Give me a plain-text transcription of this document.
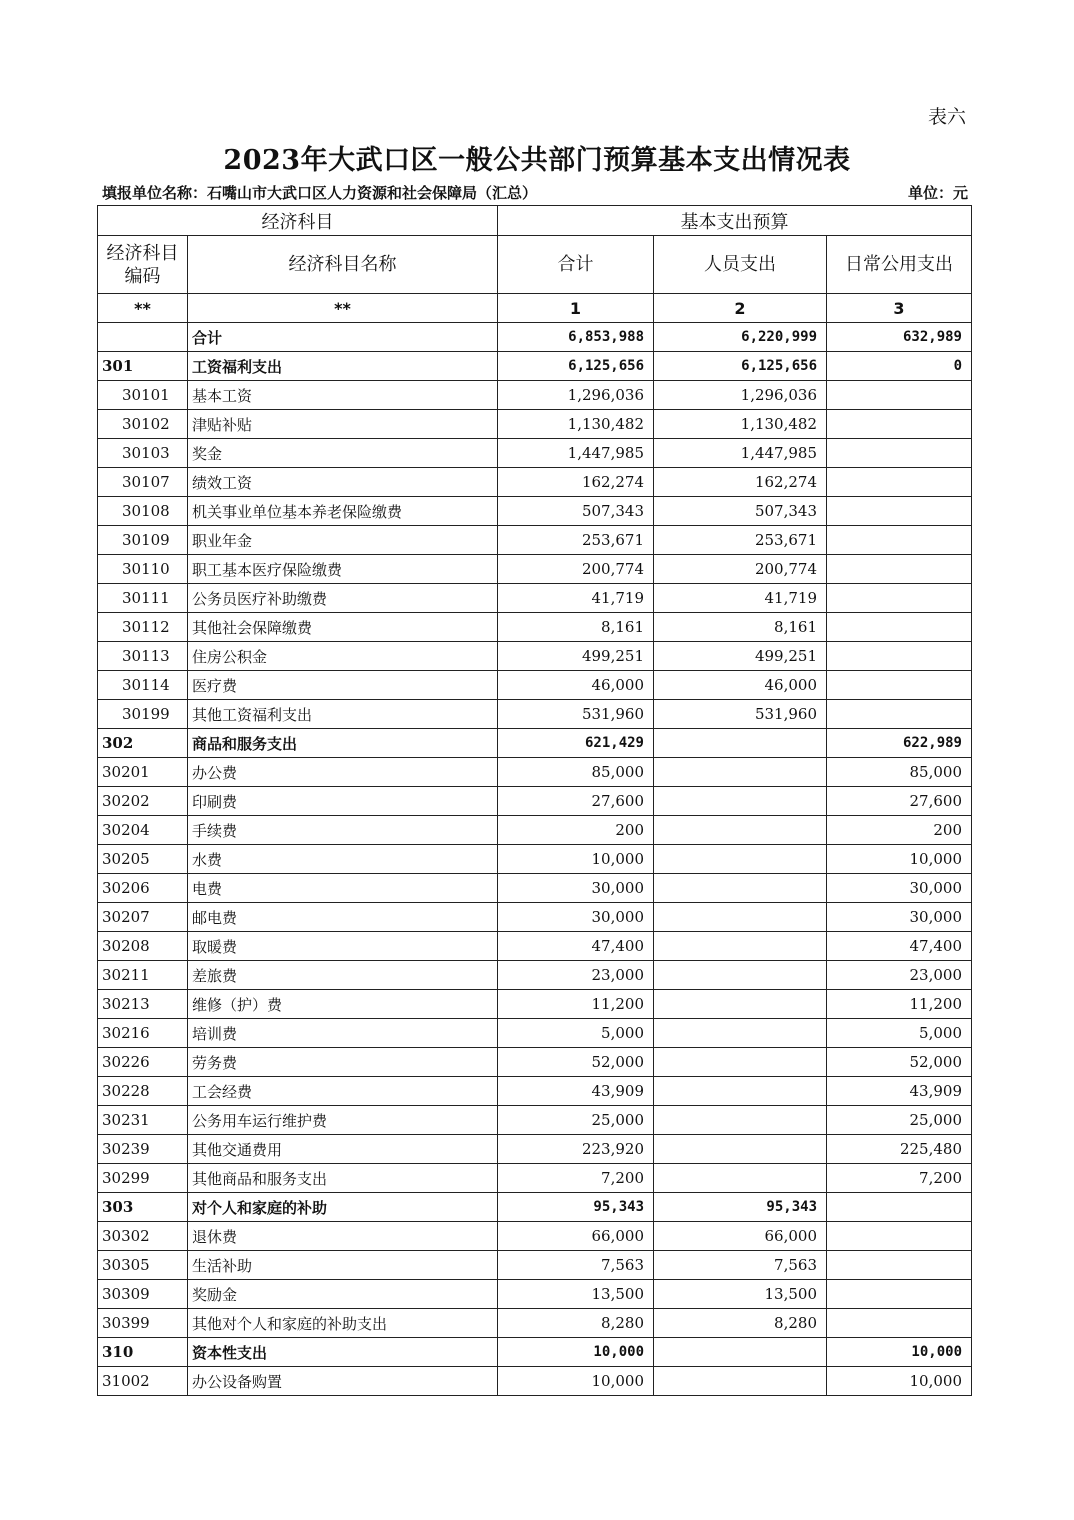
表六
2023年大武口区一般公共部门预算基本支出情况表
填报单位名称：石嘴山市大武口区人力资源和社会保障局（汇总）	单位：元
经济科目		基本支出预算		
经济科目编码	经济科目名称	合计	人员支出	日常公用支出
**	**	1	2	3
	合计	6,853,988	6,220,999	632,989
301	工资福利支出	6,125,656	6,125,656	0
30101	基本工资	1,296,036	1,296,036	
30102	津贴补贴	1,130,482	1,130,482	
30103	奖金	1,447,985	1,447,985	
30107	绩效工资	162,274	162,274	
30108	机关事业单位基本养老保险缴费	507,343	507,343	
30109	职业年金	253,671	253,671	
30110	职工基本医疗保险缴费	200,774	200,774	
30111	公务员医疗补助缴费	41,719	41,719	
30112	其他社会保障缴费	8,161	8,161	
30113	住房公积金	499,251	499,251	
30114	医疗费	46,000	46,000	
30199	其他工资福利支出	531,960	531,960	
302	商品和服务支出	621,429		622,989
30201	办公费	85,000		85,000
30202	印刷费	27,600		27,600
30204	手续费	200		200
30205	水费	10,000		10,000
30206	电费	30,000		30,000
30207	邮电费	30,000		30,000
30208	取暖费	47,400		47,400
30211	差旅费	23,000		23,000
30213	维修（护）费	11,200		11,200
30216	培训费	5,000		5,000
30226	劳务费	52,000		52,000
30228	工会经费	43,909		43,909
30231	公务用车运行维护费	25,000		25,000
30239	其他交通费用	223,920		225,480
30299	其他商品和服务支出	7,200		7,200
303	对个人和家庭的补助	95,343	95,343	
30302	退休费	66,000	66,000	
30305	生活补助	7,563	7,563	
30309	奖励金	13,500	13,500	
30399	其他对个人和家庭的补助支出	8,280	8,280	
310	资本性支出	10,000		10,000
31002	办公设备购置	10,000		10,000
